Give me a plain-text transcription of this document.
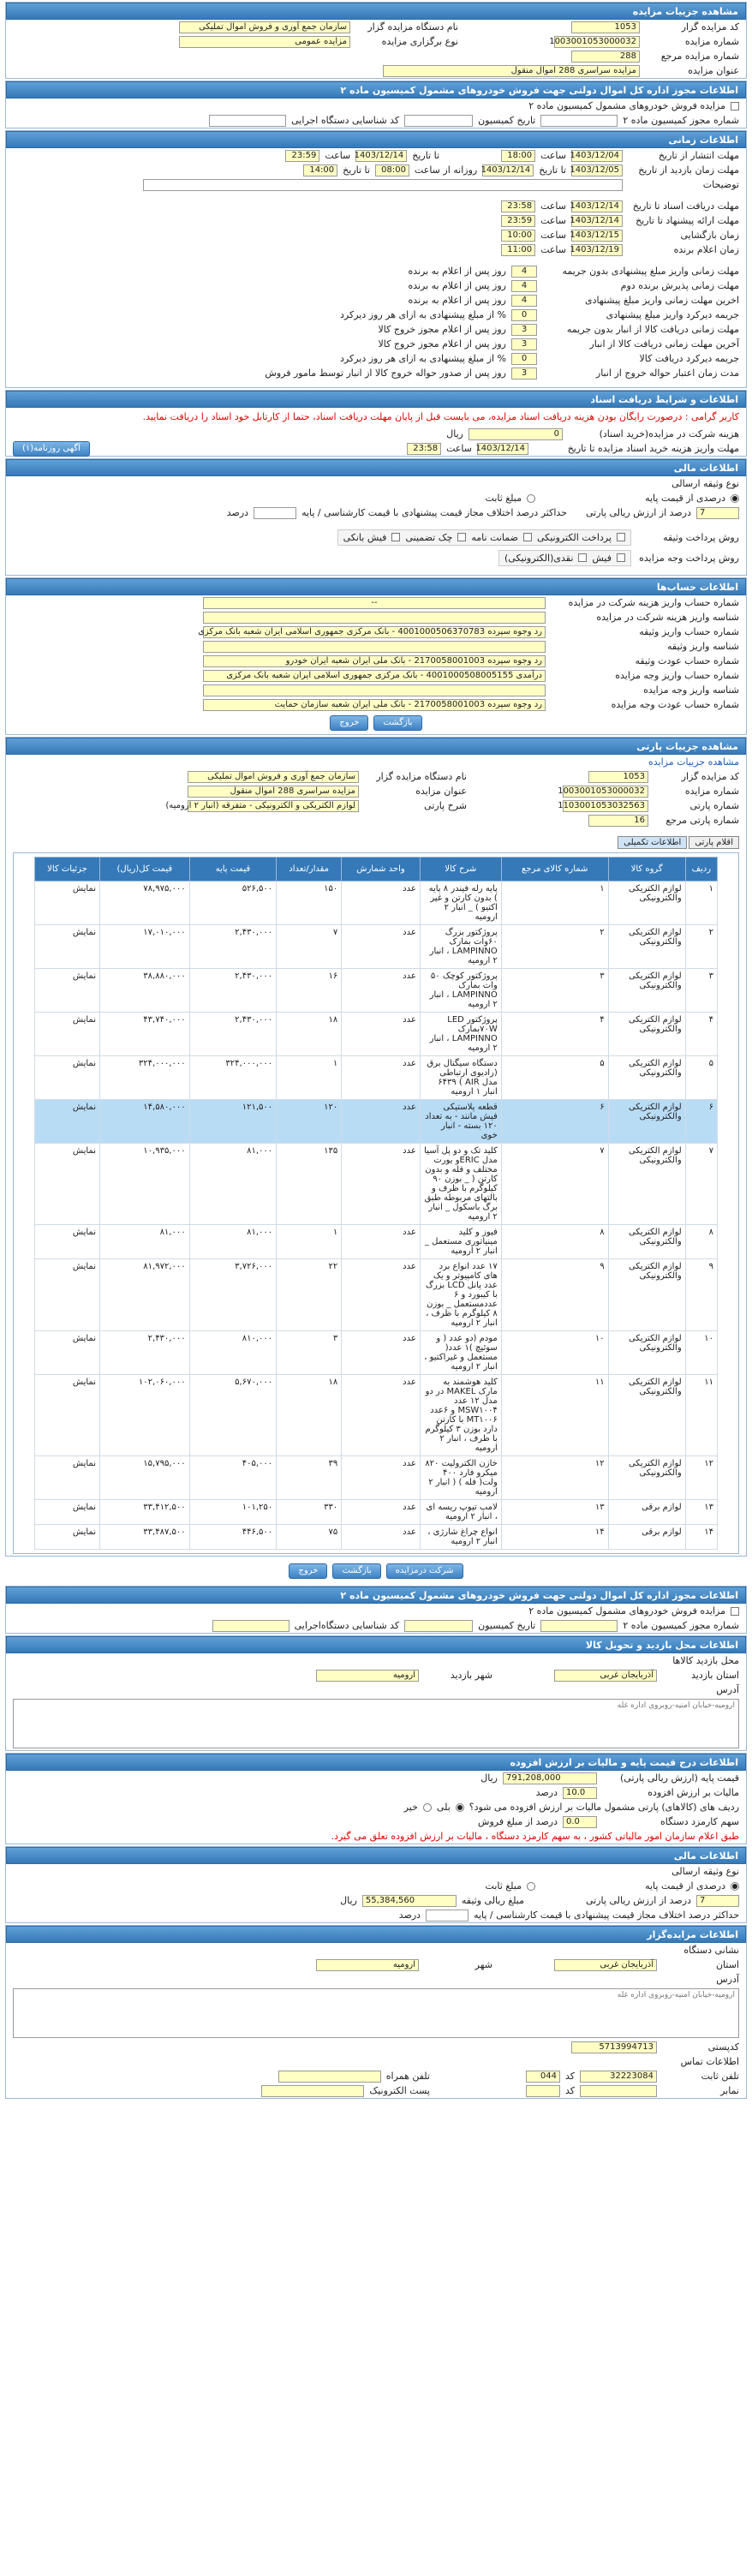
مشاهده جزییات مزایده
کد مزایده گزار
1053
نام دستگاه مزایده گزار
سازمان جمع آوری و فروش اموال تملیکی
شماره مزایده
1003001053000032
نوع برگزاری مزایده
مزایده عمومی
شماره مزایده مرجع
288
عنوان مزایده
مزایده سراسری 288 اموال منقول
اطلاعات مجوز اداره کل اموال دولتی جهت فروش خودروهای مشمول کمیسیون ماده ۲
مزایده فروش خودروهای مشمول کمیسیون ماده ۲
شماره مجوز کمیسیون ماده ۲
تاریخ کمیسیون
کد شناسایی دستگاه اجرایی
اطلاعات زمانی
مهلت انتشار از تاریخ
1403/12/04
ساعت
18:00
تا تاریخ
1403/12/14
ساعت
23:59
مهلت زمان بازدید از تاریخ
1403/12/05
تا تاریخ
1403/12/14
روزانه از ساعت
08:00
تا تاریخ
14:00
توضیحات
مهلت دریافت اسناد تا تاریخ
1403/12/14
ساعت
23:58
مهلت ارائه پیشنهاد تا تاریخ
1403/12/14
ساعت
23:59
زمان بازگشایی
1403/12/15
ساعت
10:00
زمان اعلام برنده
1403/12/19
ساعت
11:00
مهلت زمانی واریز مبلغ پیشنهادی بدون جریمه
4
روز پس از اعلام به برنده
مهلت زمانی پذیرش برنده دوم
4
روز پس از اعلام به برنده
اخرین مهلت زمانی واریز مبلغ پیشنهادی
4
روز پس از اعلام به برنده
جریمه دیرکرد واریز مبلغ پیشنهادی
0
% از مبلغ پیشنهادی به ازای هر روز دیرکرد
مهلت زمانی دریافت کالا از انبار بدون جریمه
3
روز پس از اعلام مجوز خروج کالا
آخرین مهلت زمانی دریافت کالا از انبار
3
روز پس از اعلام مجوز خروج کالا
جریمه دیرکرد دریافت کالا
0
% از مبلغ پیشنهادی به ازای هر روز دیرکرد
مدت زمان اعتبار حواله خروج از انبار
3
روز پس از صدور حواله خروج کالا از انبار توسط مامور فروش
اطلاعات و شرایط دریافت اسناد
کاربر گرامی : درصورت رایگان بودن هزینه دریافت اسناد مزایده، می بایست قبل از پایان مهلت دریافت اسناد، حتما از کارتابل خود اسناد را دریافت نمایید.
هزینه شرکت در مزایده(خرید اسناد)
0
ریال
مهلت واریز هزینه خرید اسناد مزایده تا تاریخ
1403/12/14
ساعت
23:58
آگهی روزنامه(۱)
اطلاعات مالی
نوع وثیقه ارسالی
درصدی از قیمت پایه
مبلغ ثابت
7
درصد از ارزش ریالی پارتی
حداکثر درصد اختلاف مجاز قیمت پیشنهادی با قیمت کارشناسی / پایه
درصد
روش پرداخت وثیقه
پرداخت الکترونیکی
ضمانت نامه
چک تضمینی
فیش بانکی
روش پرداخت وجه مزایده
فیش
نقدی(الکترونیکی)
اطلاعات حساب‌ها
شماره حساب واریز هزینه شرکت در مزایده
--
شناسه واریز هزینه شرکت در مزایده
شماره حساب واریز وثیقه
رد وجوه سپرده 4001000506370783 - بانک مرکزی جمهوری اسلامی ایران شعبه بانک مرکزی
شناسه واریز وثیقه
شماره حساب عودت وثیقه
رد وجوه سپرده 2170058001003 - بانک ملی ایران شعبه ایران خودرو
شماره حساب واریز وجه مزایده
درآمدی 4001000508005155 - بانک مرکزی جمهوری اسلامی ایران شعبه بانک مرکزی
شناسه واریز وجه مزایده
شماره حساب عودت وجه مزایده
رد وجوه سپرده 2170058001003 - بانک ملی ایران شعبه سازمان حمایت
بازگشت
خروج
مشاهده جزییات پارتی
مشاهده جزییات مزایده
کد مزایده گزار
1053
نام دستگاه مزایده گزار
سازمان جمع آوری و فروش اموال تملیکی
شماره مزایده
1003001053000032
عنوان مزایده
مزایده سراسری 288 اموال منقول
شماره پارتی
1103001053032563
شرح پارتی
لوازم الکتریکی و الکترونیکی - متفرقه (انبار ۲ ارومیه)
شماره پارتی مرجع
16
اقلام پارتی
اطلاعات تکمیلی
ردیف	گروه کالا	شماره کالای مرجع	شرح کالا	واحد شمارش	مقدار/تعداد	قیمت پایه	قیمت کل(ریال)	جزئیات کالا
۱	لوازم الکتریکی والکترونیکی	۱	پایه رله فیندر ۸ پایه ) بدون کارتن و غیر اکتیو ) _ انبار ۲ ارومیه	عدد	۱۵۰	۵۲۶,۵۰۰	۷۸,۹۷۵,۰۰۰	نمایش
۲	لوازم الکتریکی والکترونیکی	۲	پروژکتور بزرگ ۶۰وات بمارک LAMPINNO ، انبار ۲ ارومیه	عدد	۷	۲,۴۳۰,۰۰۰	۱۷,۰۱۰,۰۰۰	نمایش
۳	لوازم الکتریکی والکترونیکی	۳	پروژکتور کوچک ۵۰ وات بمارک LAMPINNO ، انبار ۲ ارومیه	عدد	۱۶	۲,۴۳۰,۰۰۰	۳۸,۸۸۰,۰۰۰	نمایش
۴	لوازم الکتریکی والکترونیکی	۴	پروژکتور LED ۷۰Wبمارک LAMPINNO ، انبار ۲ ارومیه	عدد	۱۸	۲,۴۳۰,۰۰۰	۴۳,۷۴۰,۰۰۰	نمایش
۵	لوازم الکتریکی والکترونیکی	۵	دستگاه سیگنال برق (رادیوی ارتباطی مدل AIR ) ۶۴۳۹ انبار ۱ ارومیه	عدد	۱	۳۲۴,۰۰۰,۰۰۰	۳۲۴,۰۰۰,۰۰۰	نمایش
۶	لوازم الکتریکی والکترونیکی	۶	قطعه پلاستیکی فیش مانند - به تعداد ۱۲۰ بسته - انبار خوی	عدد	۱۲۰	۱۲۱,۵۰۰	۱۴,۵۸۰,۰۰۰	نمایش
۷	لوازم الکتریکی والکترونیکی	۷	کلید تک و دو پل آسیا مدل ERICو یورت مختلف و فله و بدون کارتن ( _ بوزن ۹۰ کیلوگرم با ظرف و بالتهای مربوطه طبق برگ باسکول _ انبار ۲ ارومیه	عدد	۱۳۵	۸۱,۰۰۰	۱۰,۹۳۵,۰۰۰	نمایش
۸	لوازم الکتریکی والکترونیکی	۸	فیوز و کلید مینیاتوری مستعمل _ انبار ۲ ارومیه	عدد	۱	۸۱,۰۰۰	۸۱,۰۰۰	نمایش
۹	لوازم الکتریکی والکترونیکی	۹	۱۷ عدد انواع برد های کامپیوتر و یک عدد پانل LCD بزرگ با کیبورد و ۶ عددمستعمل _ بوزن ۸ کیلوگرم با ظرف ، انبار ۲ ارومیه	عدد	۲۲	۳,۷۲۶,۰۰۰	۸۱,۹۷۲,۰۰۰	نمایش
۱۰	لوازم الکتریکی والکترونیکی	۱۰	مودم (دو عدد ( و سوئیچ )۱ عدد( مستعمل و غیراکتیو ، انبار ۲ ارومیه	عدد	۳	۸۱۰,۰۰۰	۲,۴۳۰,۰۰۰	نمایش
۱۱	لوازم الکتریکی والکترونیکی	۱۱	کلید هوشمند به مارک MAKEL در دو مدل ۱۲ عدد MSW۱۰۰۴ و ۶عدد MT۱۰۰۶ با کارتن دارد بوزن ۳ کیلوگرم با ظرف ، انبار ۲ ارومیه	عدد	۱۸	۵,۶۷۰,۰۰۰	۱۰۲,۰۶۰,۰۰۰	نمایش
۱۲	لوازم الکتریکی والکترونیکی	۱۲	خازن الکترولیت ۸۲۰ میکرو فارد ۴۰۰ ولت( فله ) ( انبار ۲ ارومیه	عدد	۳۹	۴۰۵,۰۰۰	۱۵,۷۹۵,۰۰۰	نمایش
۱۳	لوازم برقی	۱۳	لامپ تیوپ ریسه ای ، انبار ۲ ارومیه	عدد	۳۳۰	۱۰۱,۲۵۰	۳۳,۴۱۲,۵۰۰	نمایش
۱۴	لوازم برقی	۱۴	انواع چراغ شارژی ، انبار ۲ ارومیه	عدد	۷۵	۴۴۶,۵۰۰	۳۳,۴۸۷,۵۰۰	نمایش
شرکت درمزایده
بازگشت
خروج
اطلاعات مجوز اداره کل اموال دولتی جهت فروش خودروهای مشمول کمیسیون ماده ۲
مزایده فروش خودروهای مشمول کمیسیون ماده ۲
شماره مجوز کمیسیون ماده ۲
تاریخ کمیسیون
کد شناسایی دستگاه‌اجرایی
اطلاعات محل بازدید و تحویل کالا
محل بازدید کالاها
استان بازدید
آذربایجان غربی
شهر بازدید
ارومیه
آدرس
ارومیه-خیابان امنیه-روبروی اداره غله
اطلاعات درج قیمت پایه و مالیات بر ارزش افزوده
قیمت پایه (ارزش ریالی پارتی)
791,208,000
ریال
مالیات بر ارزش افزوده
10.0
درصد
ردیف های (کالاهای) پارتی مشمول مالیات بر ارزش افزوده می شود؟
بلی
خیر
سهم کارمزد دستگاه
0.0
درصد از مبلغ فروش
طبق اعلام سازمان امور مالیاتی کشور ، به سهم کارمزد دستگاه ، مالیات بر ارزش افزوده تعلق می گیرد.
اطلاعات مالی
نوع وثیقه ارسالی
درصدی از قیمت پایه
مبلغ ثابت
7
درصد از ارزش ریالی پارتی
مبلغ ریالی وثیقه
55,384,560
ریال
حداکثر درصد اختلاف مجاز قیمت پیشنهادی با قیمت کارشناسی / پایه
درصد
اطلاعات مزایده‌گزار
نشانی دستگاه
استان
آذربایجان غربی
شهر
ارومیه
آدرس
ارومیه-خیابان امنیه-روبروی اداره غله
کدپستی
5713994713
اطلاعات تماس
تلفن ثابت
32223084
کد
044
تلفن همراه
نمابر
کد
پست الکترونیک
